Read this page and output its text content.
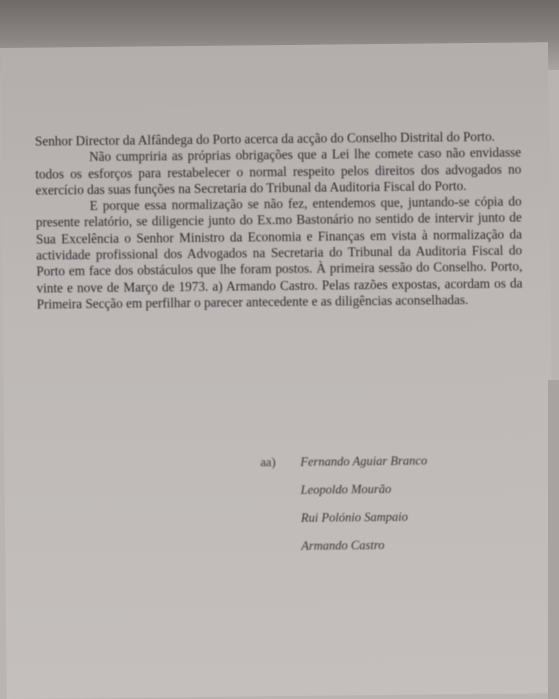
Senhor Director da Alfândega do Porto acerca da acção do Conselho Distrital do Porto.

Não cumpriria as próprias obrigações que a Lei lhe comete caso não envidasse todos os esforços para restabelecer o normal respeito pelos direitos dos advogados no exercício das suas funções na Secretaria do Tribunal da Auditoria Fiscal do Porto.

E porque essa normalização se não fez, entendemos que, juntando-se cópia do presente relatório, se diligencie junto do Ex.mo Bastonário no sentido de intervir junto de Sua Excelência o Senhor Ministro da Economia e Finanças em vista à normalização da actividade profissional dos Advogados na Secretaria do Tribunal da Auditoria Fiscal do Porto em face dos obstáculos que lhe foram postos. À primeira sessão do Conselho. Porto, vinte e nove de Março de 1973. a) Armando Castro. Pelas razões expostas, acordam os da Primeira Secção em perfilhar o parecer antecedente e as diligências aconselhadas.

aa)	Fernando Aguiar Branco
Leopoldo Mourão
Rui Polónio Sampaio
Armando Castro
